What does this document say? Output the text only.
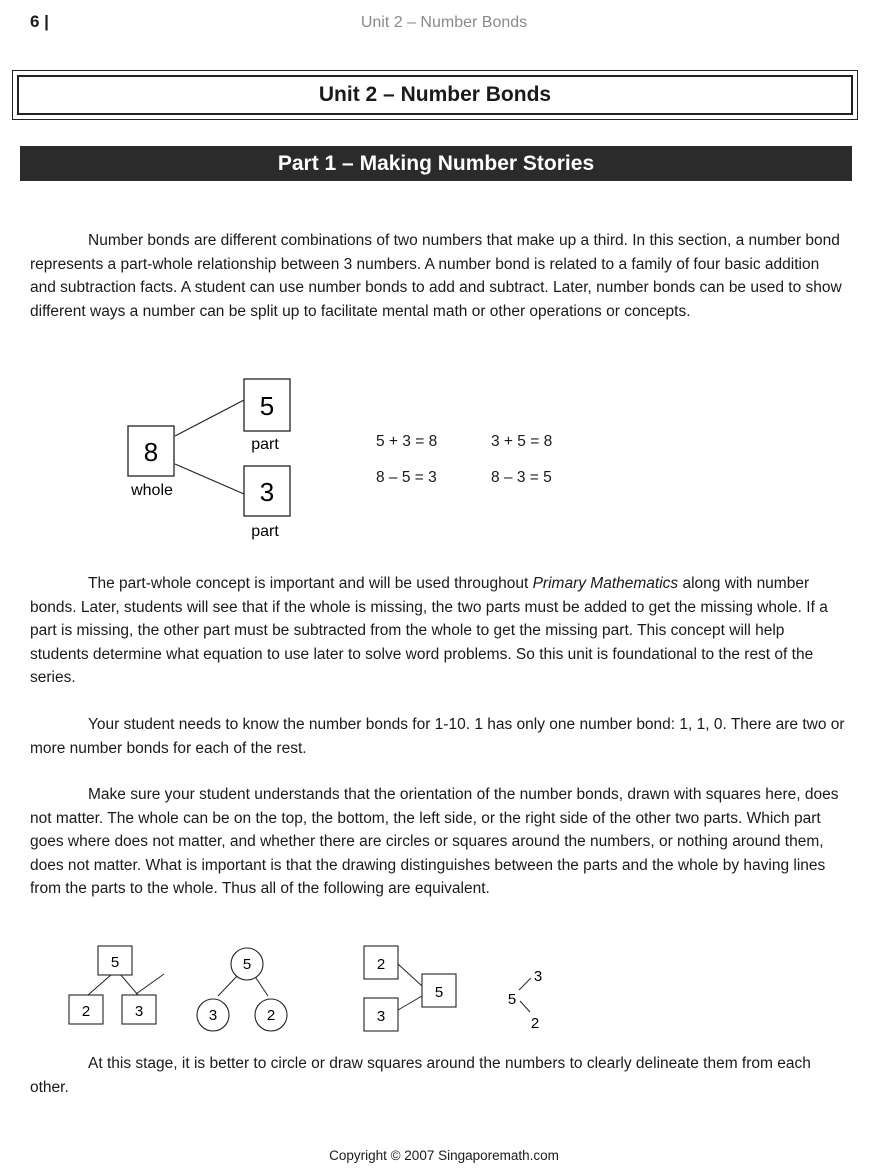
6 |	Unit 2 – Number Bonds
Unit 2 – Number Bonds
Part 1 – Making Number Stories

Number bonds are different combinations of two numbers that make up a third. In this section, a number bond represents a part-whole relationship between 3 numbers. A number bond is related to a family of four basic addition and subtraction facts. A student can use number bonds to add and subtract. Later, number bonds can be used to show different ways a number can be split up to facilitate mental math or other operations or concepts.

8
5
3
whole
part
part
5 + 3 = 8	3 + 5 = 8
8 – 5 = 3	8 – 3 = 5

The part-whole concept is important and will be used throughout Primary Mathematics along with number bonds. Later, students will see that if the whole is missing, the two parts must be added to get the missing whole. If a part is missing, the other part must be subtracted from the whole to get the missing part. This concept will help students determine what equation to use later to solve word problems. So this unit is foundational to the rest of the series.

Your student needs to know the number bonds for 1-10. 1 has only one number bond: 1, 1, 0. There are two or more number bonds for each of the rest.

Make sure your student understands that the orientation of the number bonds, drawn with squares here, does not matter. The whole can be on the top, the bottom, the left side, or the right side of the other two parts. Which part goes where does not matter, and whether there are circles or squares around the numbers, or nothing around them, does not matter. What is important is that the drawing distinguishes between the parts and the whole by having lines from the parts to the whole. Thus all of the following are equivalent.

5
2	3
5
3	2
2
5
3
5
3
2

At this stage, it is better to circle or draw squares around the numbers to clearly delineate them from each other.

Copyright © 2007 Singaporemath.com
